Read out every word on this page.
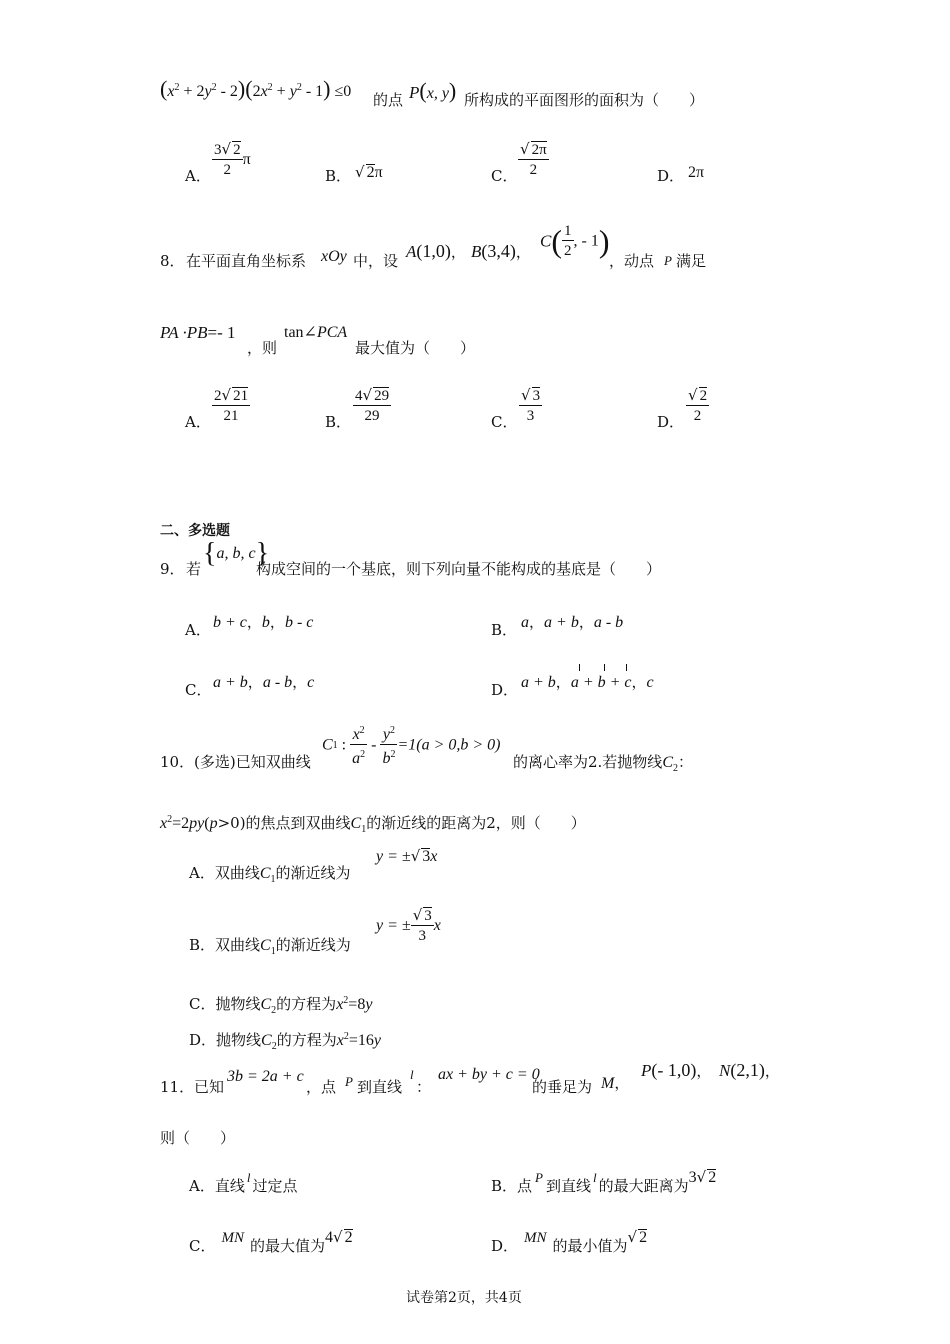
$(x^2 + 2y^2 - 2)(2x^2 + y^2 - 1) \le 0$ 的点 P(x, y) 所构成的平面图形的面积为（　　）
A． $\frac{3√ 2}{2}$ π
B． √ 2π	C． $\frac{√ 2\pi}{2}$	D． 2π
8． 在平面直角坐标系 xOy 中，设 A(1,0)， B(3,4)，
$C( \frac{1}{2}$ , - 1)
，动点 P 满足
PA ·PB=- 1
，则
tan∠PCA
最大值为（　　）
A． $\frac{2√ 21}{21}$	B． $\frac{4√ 29}{29}$	C． $\frac{√ 3}{3}$	D． $\frac{√ 2}{2}$
二、多选题
9． 若 {a, b, c}
构成空间的一个基底，则下列向量不能构成的基底是（　　）
A． b + c，b，b - c	B． a，a + b，a - b
C． a + b，a - b，c	D． a + b，a + b + c，c
10． (多选)已知双曲线
C1 : $\frac{x^2}{a^2} - \frac{y^2}{b^2} =1(a > 0,b > 0)$
的离心率为2.若抛物线$C_2$：
$x^2=2py(p>0)$的焦点到双曲线$C_1$的渐近线的距离为2，则（　　）
A．双曲线$C_1$的渐近线为
y = ±√ 3x
B．双曲线$C_1$的渐近线为
y = ± $\frac{√ 3}{3}$ x
C．抛物线$C_2$的方程为$x^2=8y$
D．抛物线$C_2$的方程为$x^2=16y$
11． 已知
3b = 2a + c
，点 P 到直线
l
：
ax + by + c = 0
的垂足为 M，
P(- 1,0)， N(2,1)，
则（　　）
A．直线 l 过定点	B．点 P 到直线 l 的最大距离为3√ 2
C． MN 的最大值为4√ 2	D． MN 的最小值为√ 2
试卷第2页，共4页
